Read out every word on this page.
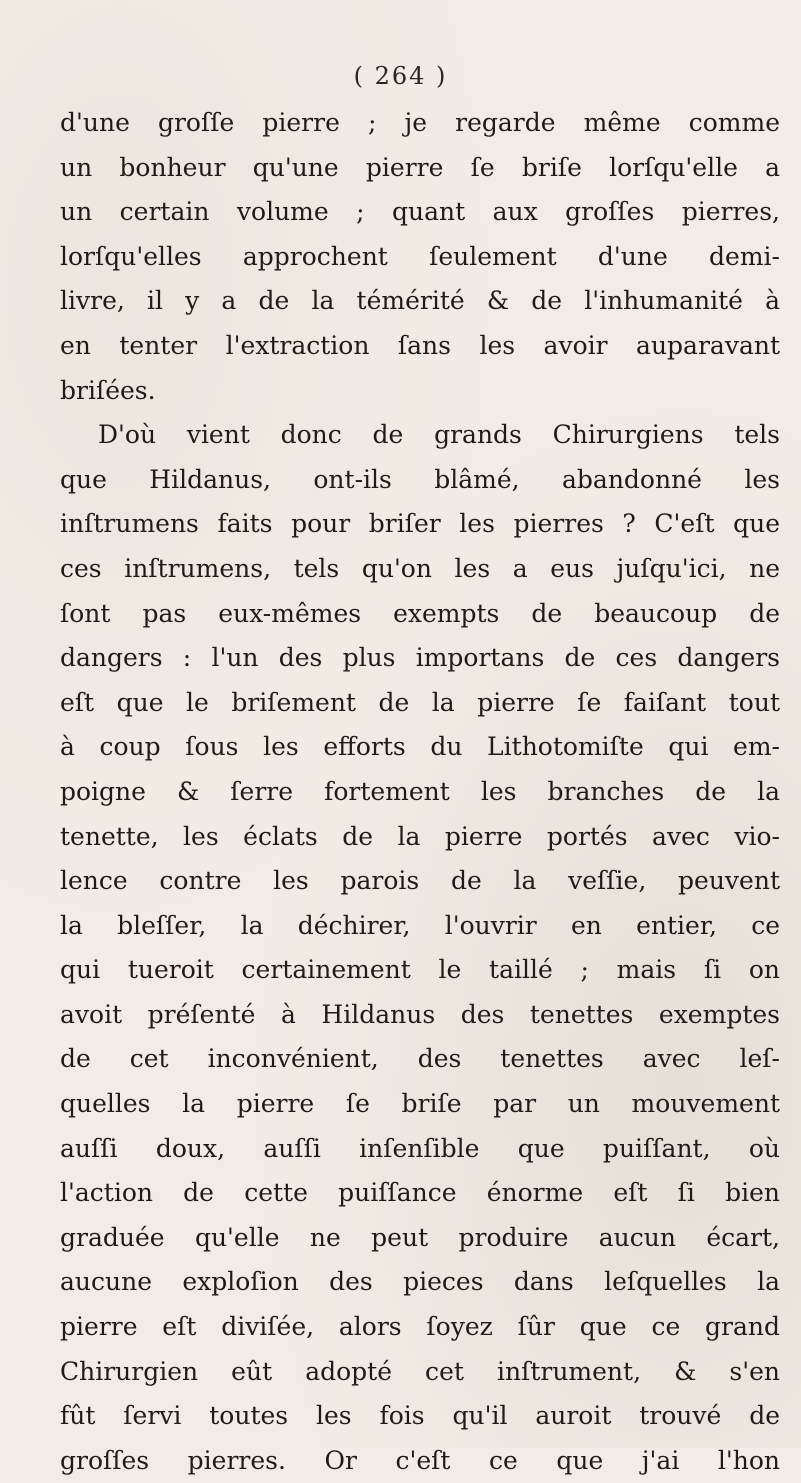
( 264 )
d'une groſſe pierre ; je regarde même comme
un bonheur qu'une pierre ſe briſe lorſqu'elle a
un certain volume ; quant aux groſſes pierres,
lorſqu'elles approchent ſeulement d'une demi-
livre, il y a de la témérité & de l'inhumanité à
en tenter l'extraction ſans les avoir auparavant
briſées.
D'où vient donc de grands Chirurgiens tels
que Hildanus, ont-ils blâmé, abandonné les
inſtrumens faits pour briſer les pierres ? C'eſt que
ces inſtrumens, tels qu'on les a eus juſqu'ici, ne
ſont pas eux-mêmes exempts de beaucoup de
dangers : l'un des plus importans de ces dangers
eſt que le briſement de la pierre ſe faiſant tout
à coup ſous les efforts du Lithotomiſte qui em-
poigne & ſerre fortement les branches de la
tenette, les éclats de la pierre portés avec vio-
lence contre les parois de la veſſie, peuvent
la bleſſer, la déchirer, l'ouvrir en entier, ce
qui tueroit certainement le taillé ; mais ſi on
avoit préſenté à Hildanus des tenettes exemptes
de cet inconvénient, des tenettes avec leſ-
quelles la pierre ſe briſe par un mouvement
auſſi doux, auſſi inſenſible que puiſſant, où
l'action de cette puiſſance énorme eſt ſi bien
graduée qu'elle ne peut produire aucun écart,
aucune exploſion des pieces dans leſquelles la
pierre eſt diviſée, alors ſoyez ſûr que ce grand
Chirurgien eût adopté cet inſtrument, & s'en
fût ſervi toutes les fois qu'il auroit trouvé de
groſſes pierres. Or c'eſt ce que j'ai l'hon
